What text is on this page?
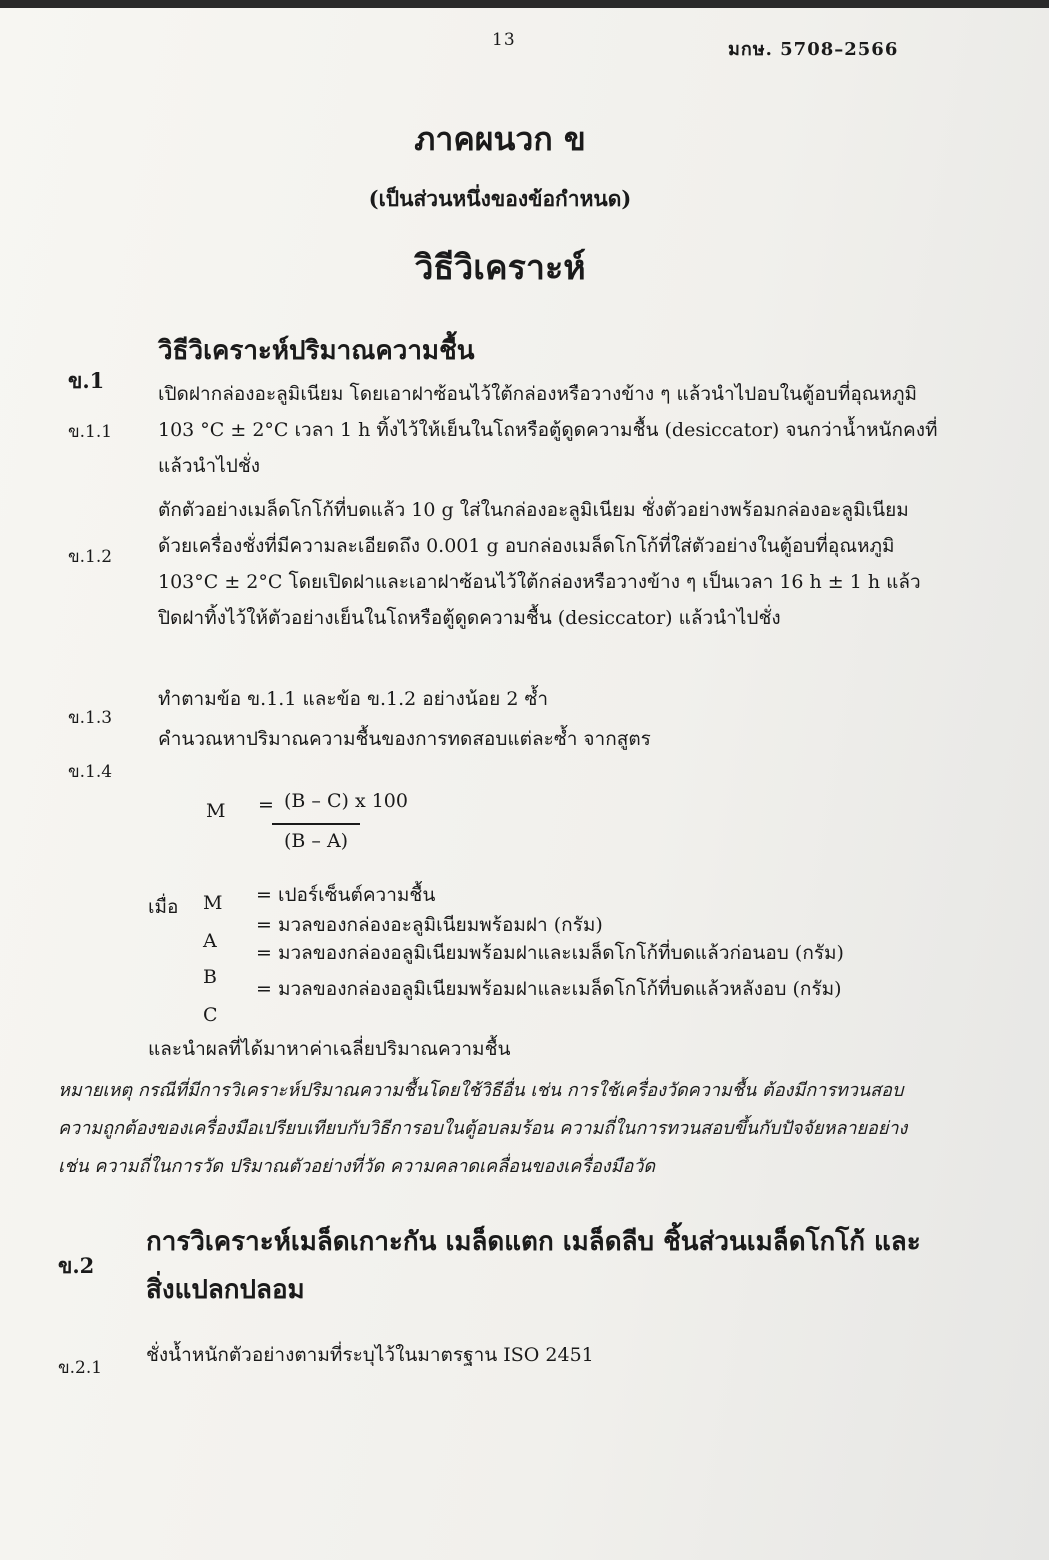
13	มกษ. 5708–2566
ภาคผนวก ข
(เป็นส่วนหนึ่งของข้อกำหนด)
วิธีวิเคราะห์
ข.1
วิธีวิเคราะห์ปริมาณความชื้น
ข.1.1
เปิดฝากล่องอะลูมิเนียม โดยเอาฝาซ้อนไว้ใต้กล่องหรือวางข้าง ๆ แล้วนำไปอบในตู้อบที่อุณหภูมิ 103 °C ± 2°C เวลา 1 h ทิ้งไว้ให้เย็นในโถหรือตู้ดูดความชื้น (desiccator) จนกว่าน้ำหนักคงที่ แล้วนำไปชั่ง
ข.1.2
ตักตัวอย่างเมล็ดโกโก้ที่บดแล้ว 10 g ใส่ในกล่องอะลูมิเนียม ชั่งตัวอย่างพร้อมกล่องอะลูมิเนียมด้วยเครื่องชั่งที่มีความละเอียดถึง 0.001 g อบกล่องเมล็ดโกโก้ที่ใส่ตัวอย่างในตู้อบที่อุณหภูมิ 103°C ± 2°C โดยเปิดฝาและเอาฝาซ้อนไว้ใต้กล่องหรือวางข้าง ๆ เป็นเวลา 16 h ± 1 h แล้วปิดฝาทิ้งไว้ให้ตัวอย่างเย็นในโถหรือตู้ดูดความชื้น (desiccator) แล้วนำไปชั่ง
ข.1.3
ทำตามข้อ ข.1.1 และข้อ ข.1.2 อย่างน้อย 2 ซ้ำ
ข.1.4
คำนวณหาปริมาณความชื้นของการทดสอบแต่ละซ้ำ จากสูตร
M = (B – C) x 100
(B – A)
เมื่อ M = เปอร์เซ็นต์ความชื้น
A
= มวลของกล่องอะลูมิเนียมพร้อมฝา (กรัม)
B
= มวลของกล่องอลูมิเนียมพร้อมฝาและเมล็ดโกโก้ที่บดแล้วก่อนอบ (กรัม)
C
= มวลของกล่องอลูมิเนียมพร้อมฝาและเมล็ดโกโก้ที่บดแล้วหลังอบ (กรัม)
และนำผลที่ได้มาหาค่าเฉลี่ยปริมาณความชื้น
หมายเหตุ กรณีที่มีการวิเคราะห์ปริมาณความชื้นโดยใช้วิธีอื่น เช่น การใช้เครื่องวัดความชื้น ต้องมีการทวนสอบความถูกต้องของเครื่องมือเปรียบเทียบกับวิธีการอบในตู้อบลมร้อน ความถี่ในการทวนสอบขึ้นกับปัจจัยหลายอย่าง เช่น ความถี่ในการวัด ปริมาณตัวอย่างที่วัด ความคลาดเคลื่อนของเครื่องมือวัด
ข.2
การวิเคราะห์เมล็ดเกาะกัน เมล็ดแตก เมล็ดลีบ ชิ้นส่วนเมล็ดโกโก้ และสิ่งแปลกปลอม
ข.2.1
ชั่งน้ำหนักตัวอย่างตามที่ระบุไว้ในมาตรฐาน ISO 2451
